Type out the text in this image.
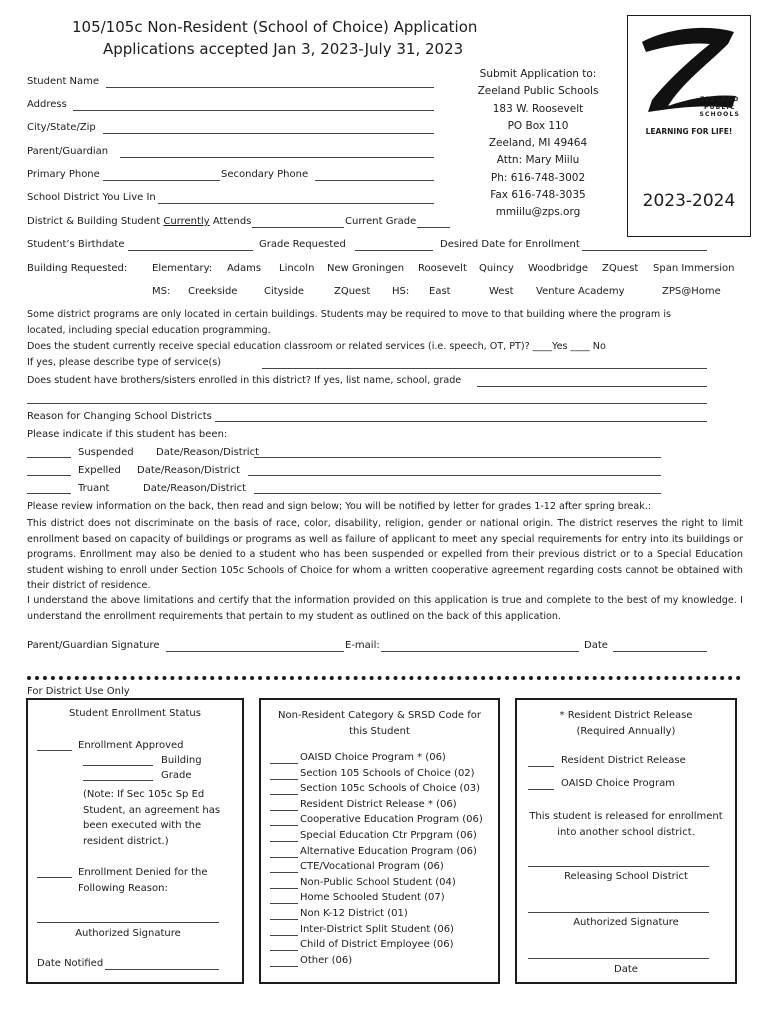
105/105c Non-Resident (School of Choice) Application
Applications accepted Jan 3, 2023-July 31, 2023
Submit Application to:
Zeeland Public Schools
183 W. Roosevelt
PO Box 110
Zeeland, MI 49464
Attn: Mary Miilu
Ph: 616-748-3002
Fax 616-748-3035
mmiilu@zps.org
ZEELAND
PUBLIC
SCHOOLS
LEARNING FOR LIFE!
2023-2024
Student Name
Address
City/State/Zip
Parent/Guardian
Primary Phone	Secondary Phone
School District You Live In
District & Building Student Currently Attends	Current Grade
Student’s Birthdate	Grade Requested	Desired Date for Enrollment
Building Requested: Elementary: Adams Lincoln New Groningen Roosevelt Quincy Woodbridge ZQuest Span Immersion
MS: Creekside	Cityside	ZQuest HS: East	West Venture Academy	ZPS@Home
Some district programs are only located in certain buildings. Students may be required to move to that building where the program is
located, including special education programming.
Does the student currently receive special education classroom or related services (i.e. speech, OT, PT)? ____Yes ____ No
If yes, please describe type of service(s)
Does student have brothers/sisters enrolled in this district? If yes, list name, school, grade
Reason for Changing School Districts
Please indicate if this student has been:
Suspended Date/Reason/District
Expelled Date/Reason/District
Truant	Date/Reason/District
Please review information on the back, then read and sign below; You will be notified by letter for grades 1-12 after spring break.:
This district does not discriminate on the basis of race, color, disability, religion, gender or national origin. The district reserves the right to limit enrollment based on capacity of buildings or programs as well as failure of applicant to meet any special requirements for entry into its buildings or programs. Enrollment may also be denied to a student who has been suspended or expelled from their previous district or to a Special Education student wishing to enroll under Section 105c Schools of Choice for whom a written cooperative agreement regarding costs cannot be obtained with their district of residence.
I understand the above limitations and certify that the information provided on this application is true and complete to the best of my knowledge. I understand the enrollment requirements that pertain to my student as outlined on the back of this application.
Parent/Guardian Signature	E-mail:	Date
For District Use Only
Student Enrollment Status
Enrollment Approved
Building
Grade
(Note: If Sec 105c Sp Ed
Student, an agreement has
been executed with the
resident district.)
Enrollment Denied for the
Following Reason:
Authorized Signature
Date Notified
Non-Resident Category & SRSD Code for
this Student
OAISD Choice Program * (06)
Section 105 Schools of Choice (02)
Section 105c Schools of Choice (03)
Resident District Release * (06)
Cooperative Education Program (06)
Special Education Ctr Prpgram (06)
Alternative Education Program (06)
CTE/Vocational Program (06)
Non-Public School Student (04)
Home Schooled Student (07)
Non K-12 District (01)
Inter-District Split Student (06)
Child of District Employee (06)
Other (06)
* Resident District Release
(Required Annually)
Resident District Release
OAISD Choice Program
This student is released for enrollment
into another school district.
Releasing School District
Authorized Signature
Date
